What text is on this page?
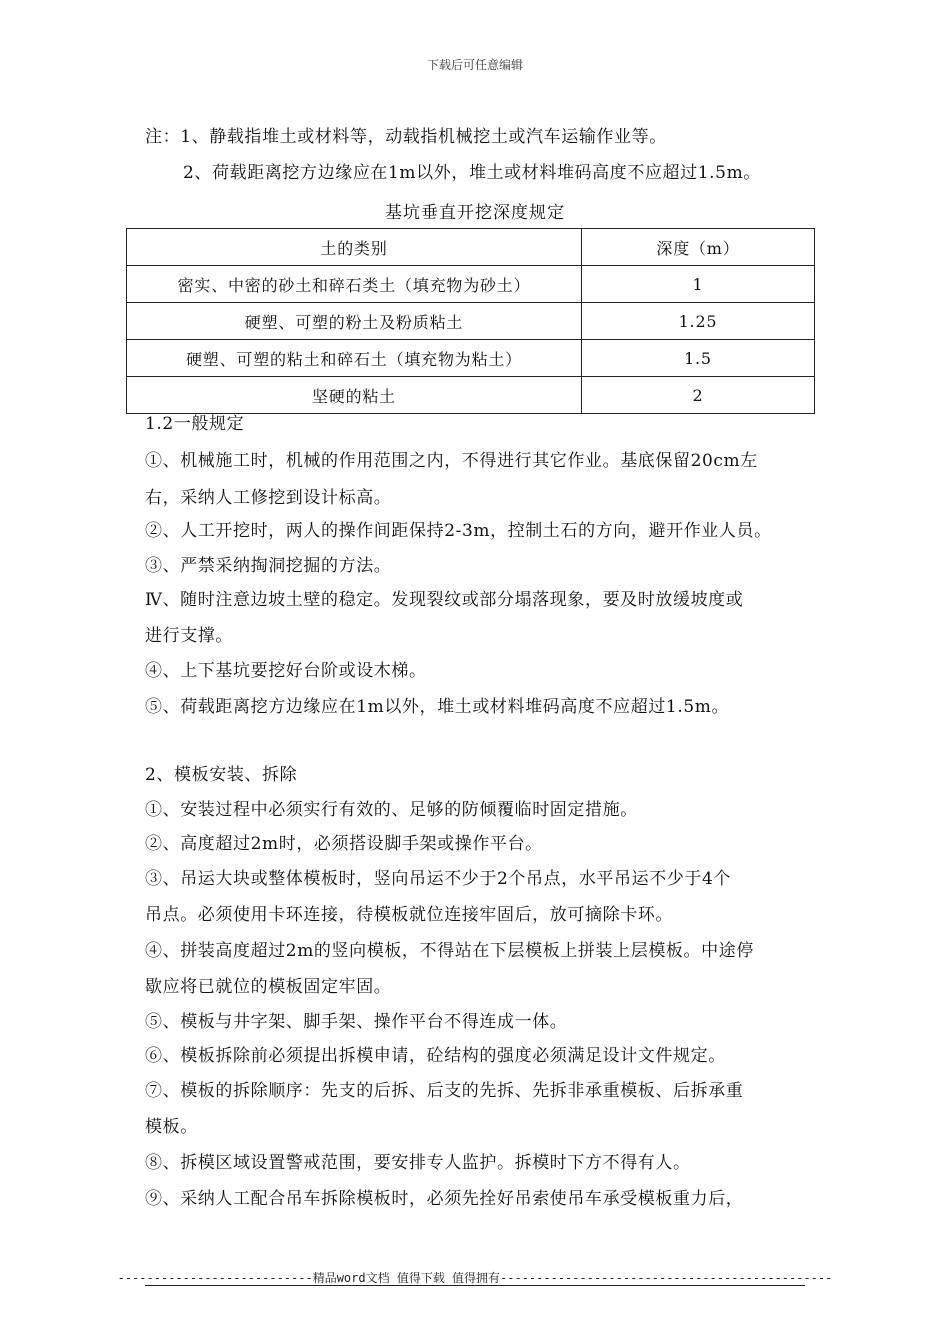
下载后可任意编辑
注：1、静载指堆土或材料等，动载指机械挖土或汽车运输作业等。
2、荷载距离挖方边缘应在1m以外，堆土或材料堆码高度不应超过1.5m。
基坑垂直开挖深度规定
土的类别	深度（m）
密实、中密的砂土和碎石类土（填充物为砂土）	1
硬塑、可塑的粉土及粉质粘土	1.25
硬塑、可塑的粘土和碎石土（填充物为粘土）	1.5
坚硬的粘土	2
1.2一般规定
①、机械施工时，机械的作用范围之内，不得进行其它作业。基底保留20cm左
右，采纳人工修挖到设计标高。
②、人工开挖时，两人的操作间距保持2-3m，控制土石的方向，避开作业人员。
③、严禁采纳掏洞挖掘的方法。
Ⅳ、随时注意边坡土壁的稳定。发现裂纹或部分塌落现象，要及时放缓坡度或
进行支撑。
④、上下基坑要挖好台阶或设木梯。
⑤、荷载距离挖方边缘应在1m以外，堆土或材料堆码高度不应超过1.5m。
2、模板安装、拆除
①、安装过程中必须实行有效的、足够的防倾覆临时固定措施。
②、高度超过2m时，必须搭设脚手架或操作平台。
③、吊运大块或整体模板时，竖向吊运不少于2个吊点，水平吊运不少于4个
吊点。必须使用卡环连接，待模板就位连接牢固后，放可摘除卡环。
④、拼装高度超过2m的竖向模板，不得站在下层模板上拼装上层模板。中途停
歇应将已就位的模板固定牢固。
⑤、模板与井字架、脚手架、操作平台不得连成一体。
⑥、模板拆除前必须提出拆模申请，砼结构的强度必须满足设计文件规定。
⑦、模板的拆除顺序：先支的后拆、后支的先拆、先拆非承重模板、后拆承重
模板。
⑧、拆模区域设置警戒范围，要安排专人监护。拆模时下方不得有人。
⑨、采纳人工配合吊车拆除模板时，必须先拴好吊索使吊车承受模板重力后，
---------------------------精品word文档 值得下载 值得拥有----------------------------------------------
